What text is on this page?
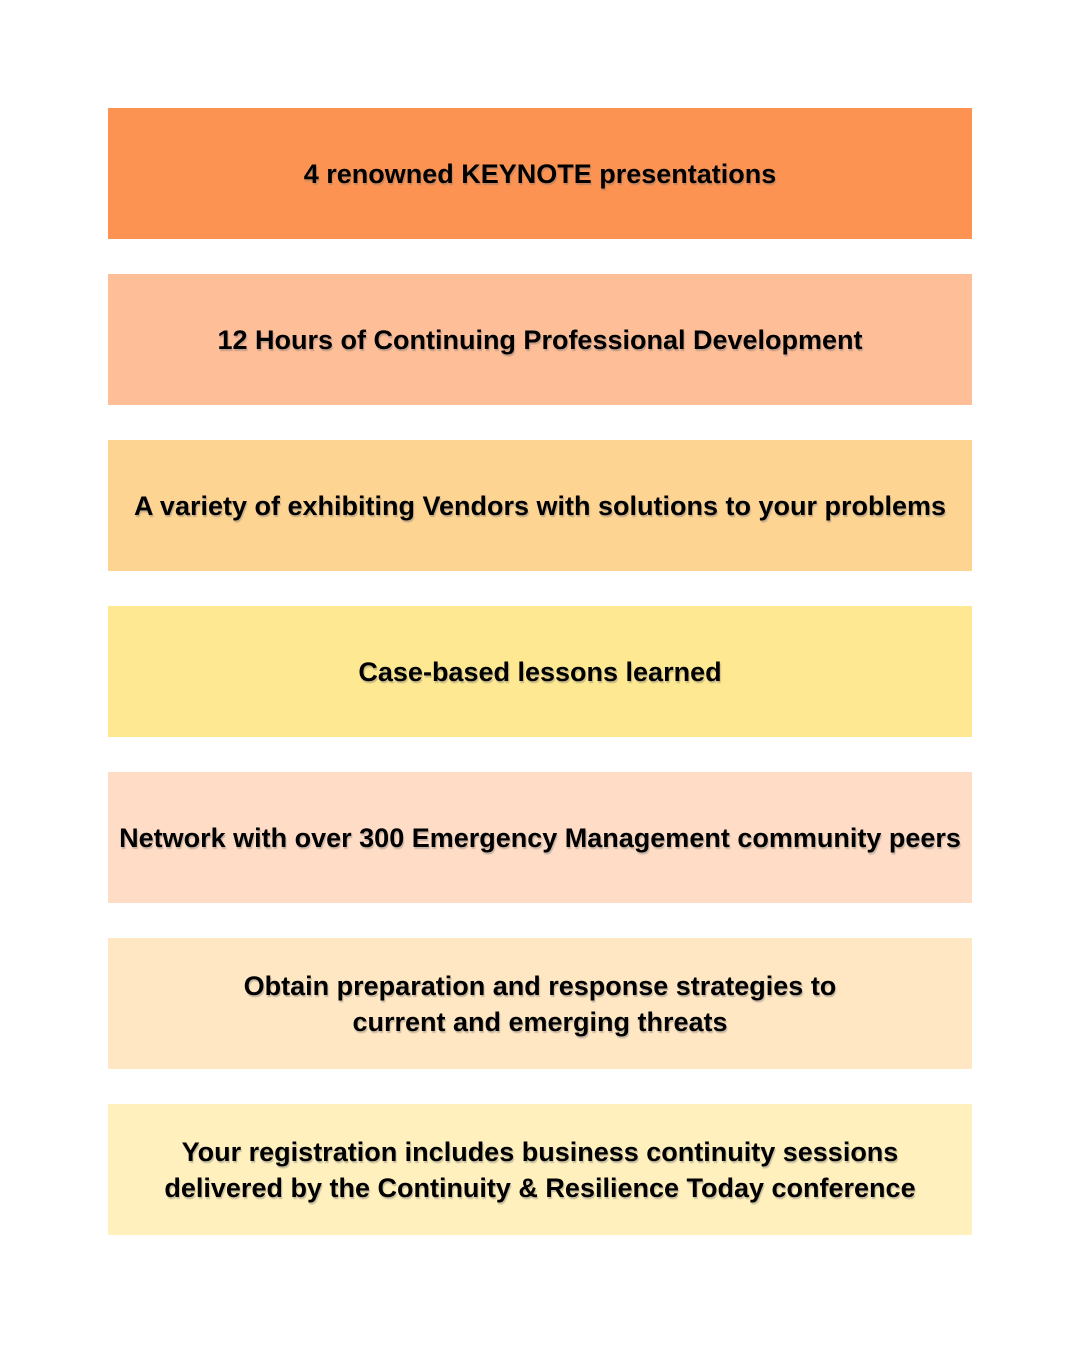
4 renowned KEYNOTE presentations
12 Hours of Continuing Professional Development
A variety of exhibiting Vendors with solutions to your problems
Case-based lessons learned
Network with over 300 Emergency Management community peers
Obtain preparation and response strategies to
current and emerging threats
Your registration includes business continuity sessions
delivered by the Continuity & Resilience Today conference
